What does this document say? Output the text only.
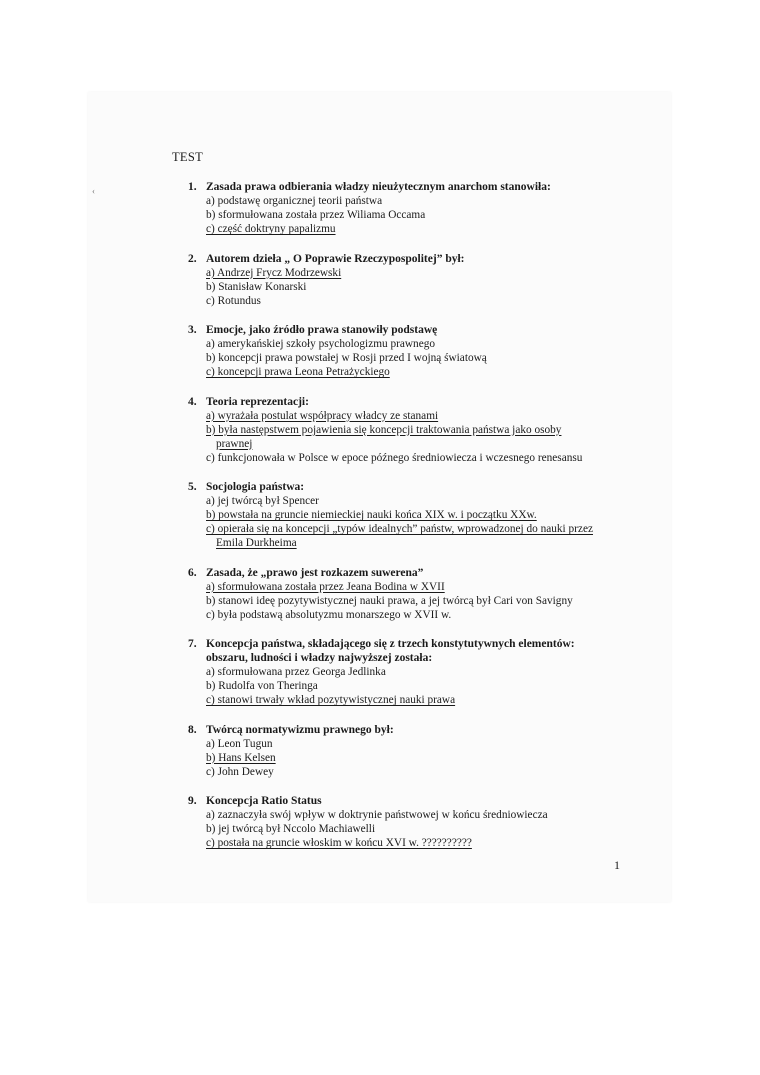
‹
TEST
1. Zasada prawa odbierania władzy nieużytecznym anarchom stanowiła:
a) podstawę organicznej teorii państwa
b) sformułowana została przez Wiliama Occama
c) część doktryny papalizmu
2. Autorem dzieła „ O Poprawie Rzeczypospolitej” był:
a) Andrzej Frycz Modrzewski
b) Stanisław Konarski
c) Rotundus
3. Emocje, jako źródło prawa stanowiły podstawę
a) amerykańskiej szkoły psychologizmu prawnego
b) koncepcji prawa powstałej w Rosji przed I wojną światową
c) koncepcji prawa Leona Petrażyckiego
4. Teoria reprezentacji:
a) wyrażała postulat współpracy władcy ze stanami
b) była następstwem pojawienia się koncepcji traktowania państwa jako osoby
prawnej
c) funkcjonowała w Polsce w epoce późnego średniowiecza i wczesnego renesansu
5. Socjologia państwa:
a) jej twórcą był Spencer
b) powstała na gruncie niemieckiej nauki końca XIX w. i początku XXw.
c) opierała się na koncepcji „typów idealnych” państw, wprowadzonej do nauki przez
Emila Durkheima
6. Zasada, że „prawo jest rozkazem suwerena”
a) sformułowana została przez Jeana Bodina w XVII
b) stanowi ideę pozytywistycznej nauki prawa, a jej twórcą był Cari von Savigny
c) była podstawą absolutyzmu monarszego w XVII w.
7. Koncepcja państwa, składającego się z trzech konstytutywnych elementów:
obszaru, ludności i władzy najwyższej została:
a) sformułowana przez Georga Jedlinka
b) Rudolfa von Theringa
c) stanowi trwały wkład pozytywistycznej nauki prawa
8. Twórcą normatywizmu prawnego był:
a) Leon Tugun
b) Hans Kelsen
c) John Dewey
9. Koncepcja Ratio Status
a) zaznaczyła swój wpływ w doktrynie państwowej w końcu średniowiecza
b) jej twórcą był Nccolo Machiawelli
c) postała na gruncie włoskim w końcu XVI w. ??????????
1
